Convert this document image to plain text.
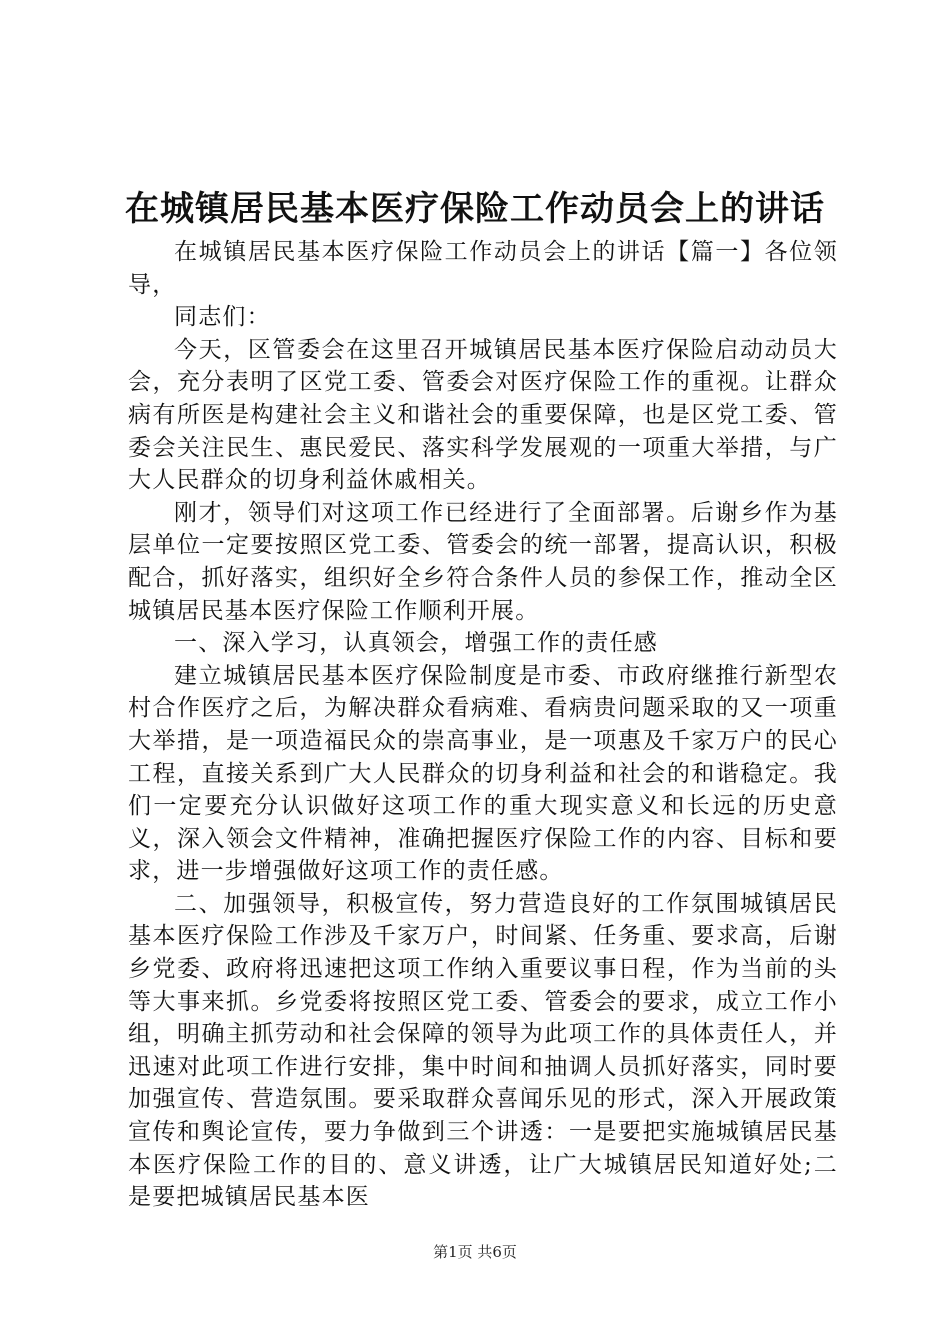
在城镇居民基本医疗保险工作动员会上的讲话

在城镇居民基本医疗保险工作动员会上的讲话【篇一】各位领导，

同志们：

今天，区管委会在这里召开城镇居民基本医疗保险启动动员大会，充分表明了区党工委、管委会对医疗保险工作的重视。让群众病有所医是构建社会主义和谐社会的重要保障，也是区党工委、管委会关注民生、惠民爱民、落实科学发展观的一项重大举措，与广大人民群众的切身利益休戚相关。

刚才，领导们对这项工作已经进行了全面部署。后谢乡作为基层单位一定要按照区党工委、管委会的统一部署，提高认识，积极配合，抓好落实，组织好全乡符合条件人员的参保工作，推动全区城镇居民基本医疗保险工作顺利开展。

一、深入学习，认真领会，增强工作的责任感

建立城镇居民基本医疗保险制度是市委、市政府继推行新型农村合作医疗之后，为解决群众看病难、看病贵问题采取的又一项重大举措，是一项造福民众的崇高事业，是一项惠及千家万户的民心工程，直接关系到广大人民群众的切身利益和社会的和谐稳定。我们一定要充分认识做好这项工作的重大现实意义和长远的历史意义，深入领会文件精神，准确把握医疗保险工作的内容、目标和要求，进一步增强做好这项工作的责任感。

二、加强领导，积极宣传，努力营造良好的工作氛围城镇居民基本医疗保险工作涉及千家万户，时间紧、任务重、要求高，后谢乡党委、政府将迅速把这项工作纳入重要议事日程，作为当前的头等大事来抓。乡党委将按照区党工委、管委会的要求，成立工作小组，明确主抓劳动和社会保障的领导为此项工作的具体责任人，并迅速对此项工作进行安排，集中时间和抽调人员抓好落实，同时要加强宣传、营造氛围。要采取群众喜闻乐见的形式，深入开展政策宣传和舆论宣传，要力争做到三个讲透：一是要把实施城镇居民基本医疗保险工作的目的、意义讲透，让广大城镇居民知道好处;二是要把城镇居民基本医

第1页 共6页
